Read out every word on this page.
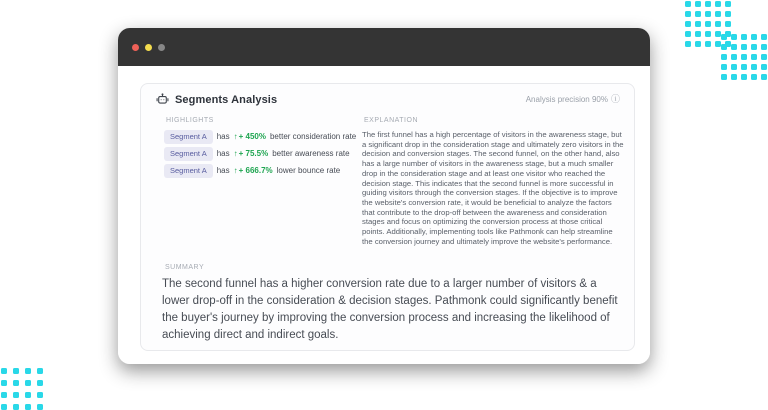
Segments Analysis	Analysis precision 90% ⓘ
HIGHLIGHTS
Segment A	has ↑+ 450% better consideration rate
Segment A	has ↑+ 75.5% better awareness rate
Segment A	has ↑+ 666.7% lower bounce rate
EXPLANATION

The first funnel has a high percentage of visitors in the awareness stage, but a significant drop in the consideration stage and ultimately zero visitors in the decision and conversion stages. The second funnel, on the other hand, also has a large number of visitors in the awareness stage, but a much smaller drop in the consideration stage and at least one visitor who reached the decision stage. This indicates that the second funnel is more successful in guiding visitors through the conversion stages. If the objective is to improve the website's conversion rate, it would be beneficial to analyze the factors that contribute to the drop-off between the awareness and consideration stages and focus on optimizing the conversion process at those critical points. Additionally, implementing tools like Pathmonk can help streamline the conversion journey and ultimately improve the website's performance.

SUMMARY

The second funnel has a higher conversion rate due to a larger number of visitors & a lower drop-off in the consideration & decision stages. Pathmonk could significantly benefit the buyer's journey by improving the conversion process and increasing the likelihood of achieving direct and indirect goals.
